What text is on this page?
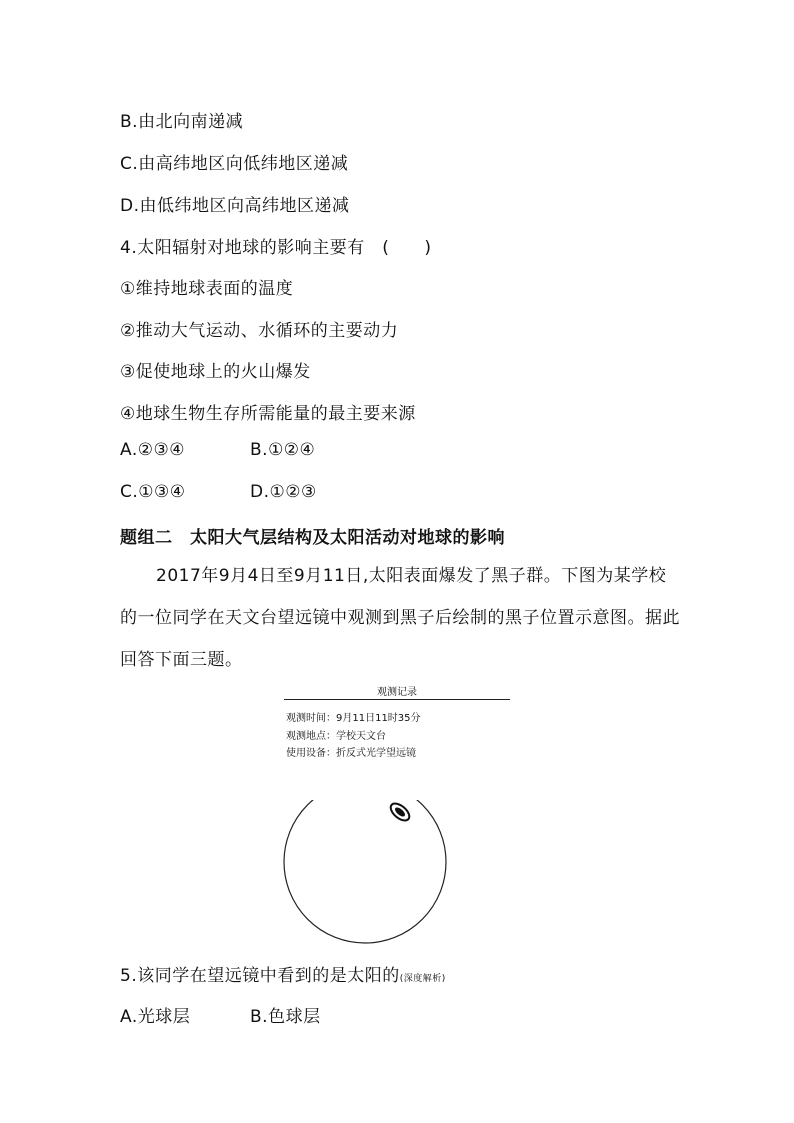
B.由北向南递减
C.由高纬地区向低纬地区递减
D.由低纬地区向高纬地区递减
4.太阳辐射对地球的影响主要有　(　　)
①维持地球表面的温度
②推动大气运动、水循环的主要动力
③促使地球上的火山爆发
④地球生物生存所需能量的最主要来源
A.②③④	B.①②④
C.①③④	D.①②③
题组二　太阳大气层结构及太阳活动对地球的影响
2017年9月4日至9月11日,太阳表面爆发了黑子群。下图为某学校的一位同学在天文台望远镜中观测到黑子后绘制的黑子位置示意图。据此回答下面三题。
观测记录
观测时间：9月11日11时35分
观测地点：学校天文台
使用设备：折反式光学望远镜
5.该同学在望远镜中看到的是太阳的(深度解析)
A.光球层	B.色球层
